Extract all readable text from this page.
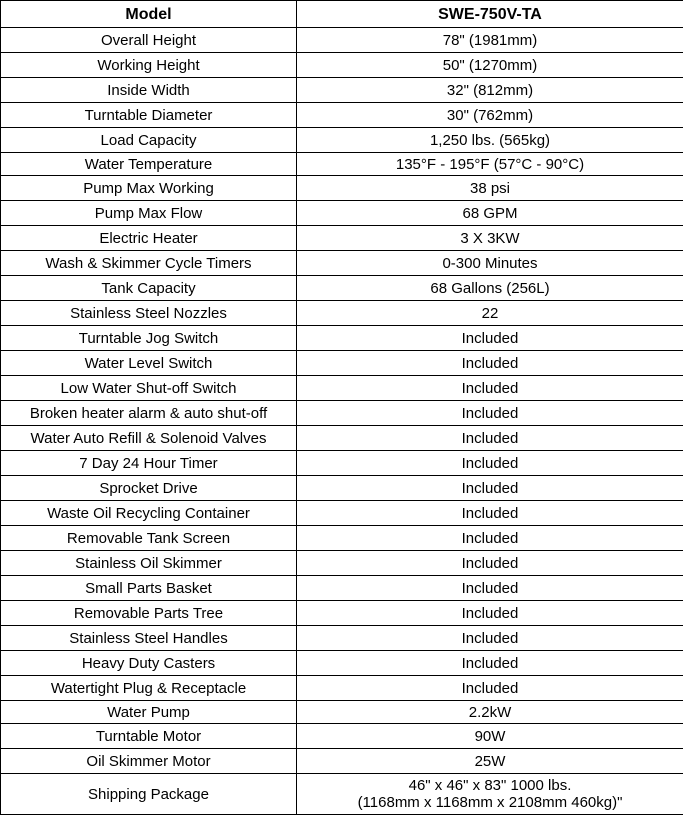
Model	SWE-750V-TA
Overall Height	78" (1981mm)
Working Height	50" (1270mm)
Inside Width	32" (812mm)
Turntable Diameter	30" (762mm)
Load Capacity	1,250 lbs. (565kg)
Water Temperature	135°F - 195°F (57°C - 90°C)
Pump Max Working	38 psi
Pump Max Flow	68 GPM
Electric Heater	3 X 3KW
Wash & Skimmer Cycle Timers	0-300 Minutes
Tank Capacity	68 Gallons (256L)
Stainless Steel Nozzles	22
Turntable Jog Switch	Included
Water Level Switch	Included
Low Water Shut-off Switch	Included
Broken heater alarm & auto shut-off	Included
Water Auto Refill & Solenoid Valves	Included
7 Day 24 Hour Timer	Included
Sprocket Drive	Included
Waste Oil Recycling Container	Included
Removable Tank Screen	Included
Stainless Oil Skimmer	Included
Small Parts Basket	Included
Removable Parts Tree	Included
Stainless Steel Handles	Included
Heavy Duty Casters	Included
Watertight Plug & Receptacle	Included
Water Pump	2.2kW
Turntable Motor	90W
Oil Skimmer Motor	25W
Shipping Package	46" x 46" x 83" 1000 lbs.
(1168mm x 1168mm x 2108mm 460kg)"
